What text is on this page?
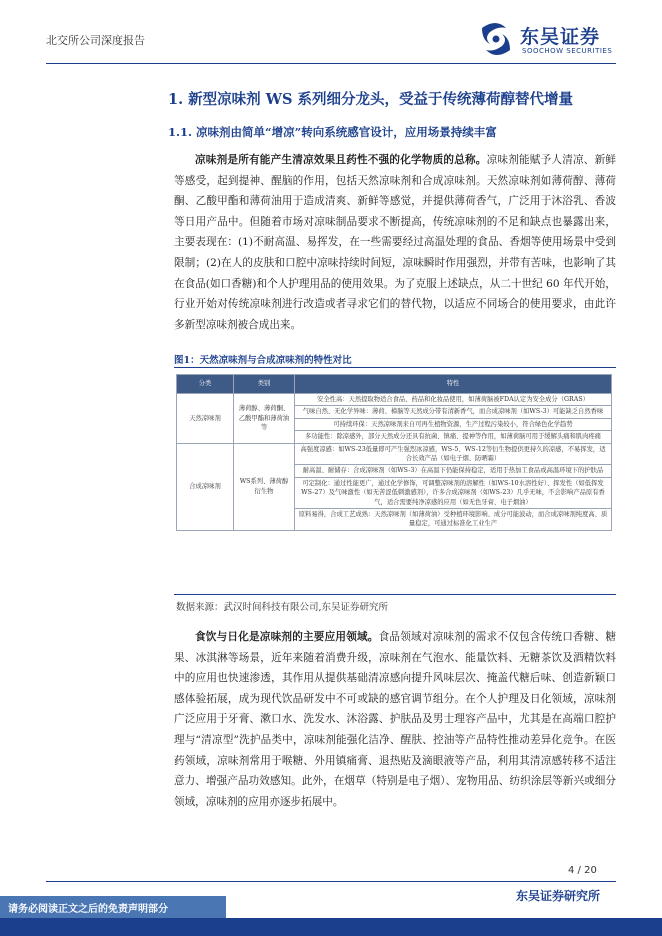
北交所公司深度报告	东吴证券
SOOCHOW SECURITIES
1. 新型凉味剂 WS 系列细分龙头，受益于传统薄荷醇替代增量
1.1. 凉味剂由简单“增凉”转向系统感官设计，应用场景持续丰富

凉味剂是所有能产生清凉效果且药性不强的化学物质的总称。凉味剂能赋予人清凉、新鲜等感受，起到提神、醒脑的作用，包括天然凉味剂和合成凉味剂。天然凉味剂如薄荷醇、薄荷酮、乙酸甲酯和薄荷油用于造成清爽、新鲜等感觉，并提供薄荷香气，广泛用于沐浴乳、香波等日用产品中。但随着市场对凉味制品要求不断提高，传统凉味剂的不足和缺点也暴露出来，主要表现在：(1)不耐高温、易挥发，在一些需要经过高温处理的食品、香烟等使用场景中受到限制；(2)在人的皮肤和口腔中凉味持续时间短，凉味瞬时作用强烈，并带有苦味，也影响了其在食品(如口香糖)和个人护理用品的使用效果。为了克服上述缺点，从二十世纪 60 年代开始，行业开始对传统凉味剂进行改造或者寻求它们的替代物，以适应不同场合的使用要求，由此许多新型凉味剂被合成出来。

图1：天然凉味剂与合成凉味剂的特性对比
分类	类别	特性
天然凉味剂	薄荷醇、薄荷酮、乙酸甲酯和薄荷油等	安全性高：天然提取物适合食品、药品和化妆品使用，如薄荷脑被FDA认定为安全成分（GRAS）
		气味自然、无化学异味：薄荷、樟脑等天然成分带有清新香气，而合成凉味剂（如WS-3）可能缺乏自然香味
		可持续环保：天然凉味剂来自可再生植物资源，生产过程污染较小，符合绿色化学趋势
		多功能性：除凉感外，部分天然成分还具有抗菌、镇痛、提神等作用，如薄荷脑可用于缓解头痛和肌肉疼痛
合成凉味剂	WS系列、薄荷醇衍生物	高强度凉感：如WS-23低量即可产生强烈冰凉感，WS-5、WS-12等衍生物提供更持久的凉感，不易挥发，适合长效产品（如电子烟、防晒霜）
		耐高温、耐储存：合成凉味剂（如WS-3）在高温下仍能保持稳定，适用于热加工食品或高温环境下的护肤品
		可定制化：通过性能更广，通过化学修饰，可调整凉味剂的溶解性（如WS-10水溶性好）、挥发性（如低挥发WS-27）及气味激性（如无苦涩低刺激感剂），许多合成凉味剂（如WS-23）几乎无味，不会影响产品原有香气，适合需要纯净凉感的应用（如无色牙膏、电子烟油）
		原料易得，合成工艺成熟：天然凉味剂（如薄荷油）受种植环境影响、成分可能波动，而合成凉味剂纯度高、质量稳定，可通过标准化工业生产
数据来源：武汉时间科技有限公司,东吴证券研究所

食饮与日化是凉味剂的主要应用领域。食品领域对凉味剂的需求不仅包含传统口香糖、糖果、冰淇淋等场景，近年来随着消费升级，凉味剂在气泡水、能量饮料、无糖茶饮及酒精饮料中的应用也快速渗透，其作用从提供基础清凉感向提升风味层次、掩盖代糖后味、创造新颖口感体验拓展，成为现代饮品研发中不可或缺的感官调节组分。在个人护理及日化领域，凉味剂广泛应用于牙膏、漱口水、洗发水、沐浴露、护肤品及男士理容产品中，尤其是在高端口腔护理与“清凉型”洗护品类中，凉味剂能强化洁净、醒肤、控油等产品特性推动差异化竞争。在医药领域，凉味剂常用于喉糖、外用镇痛膏、退热贴及滴眼液等产品，利用其清凉感转移不适注意力、增强产品功效感知。此外，在烟草（特别是电子烟）、宠物用品、纺织涂层等新兴或细分领域，凉味剂的应用亦逐步拓展中。

4 / 20
东吴证券研究所
请务必阅读正文之后的免责声明部分
